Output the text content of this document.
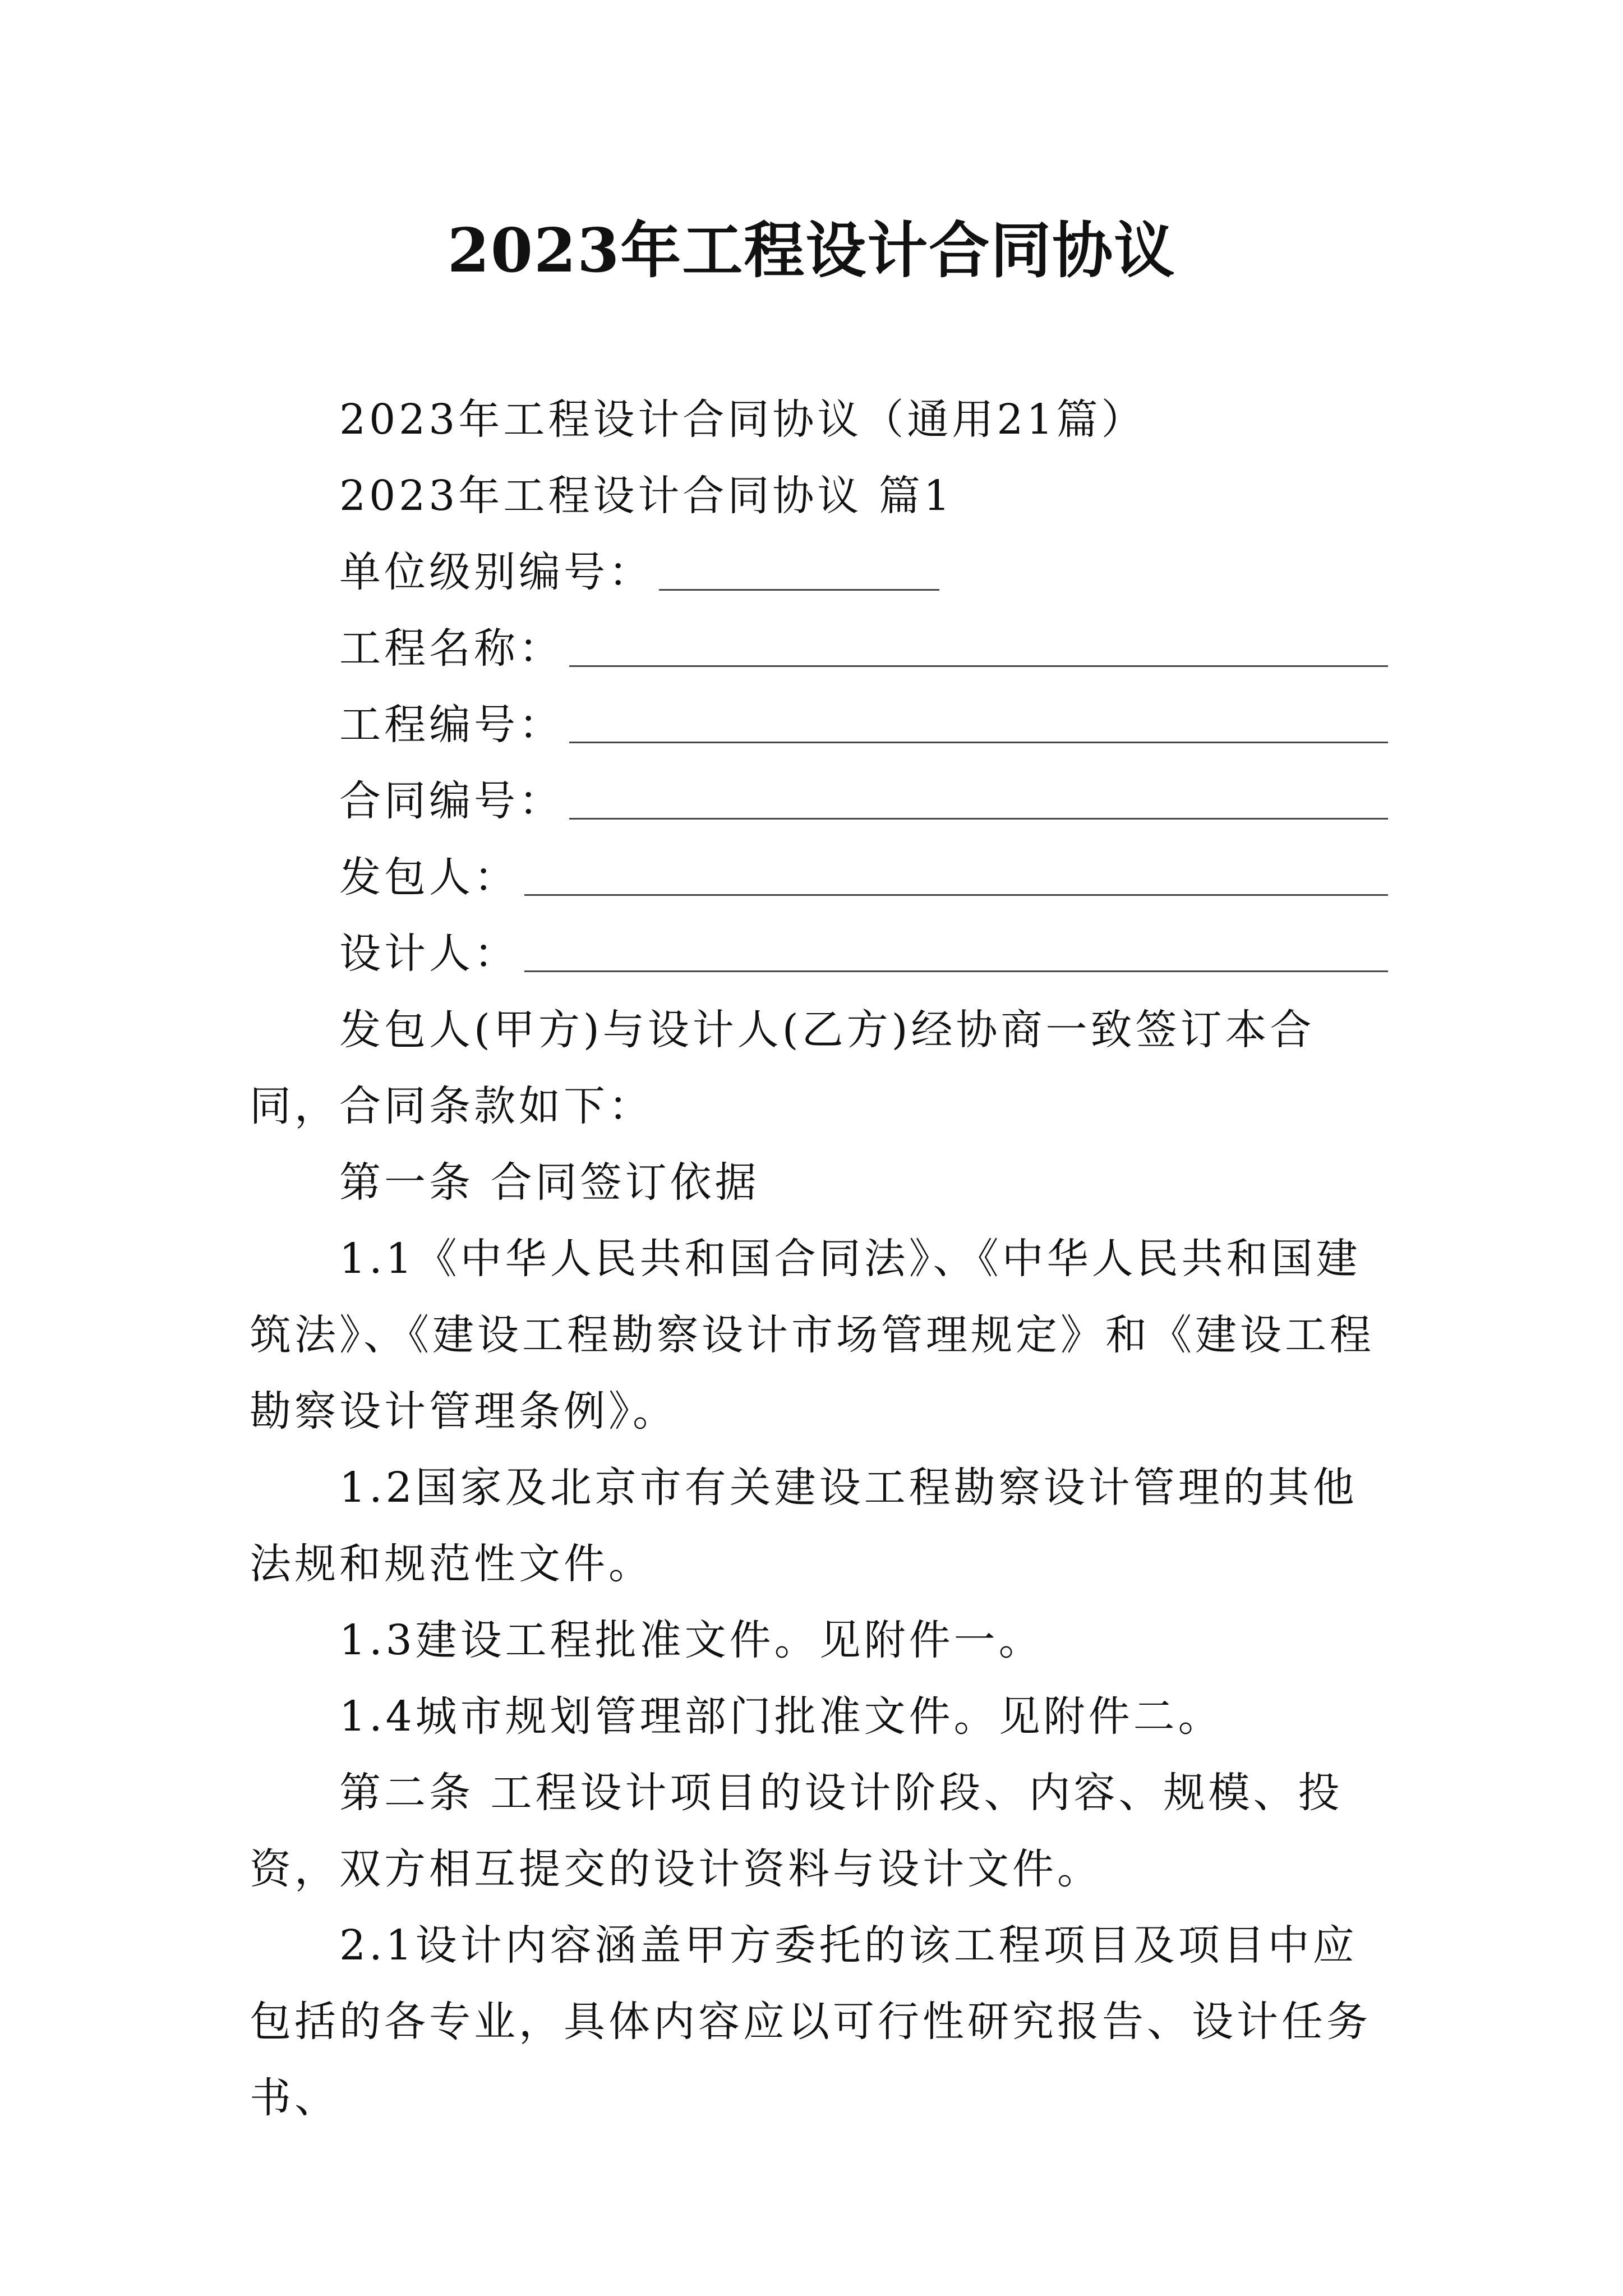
2023年工程设计合同协议
2023年工程设计合同协议（通用21篇）
2023年工程设计合同协议 篇1
单位级别编号：
工程名称：
工程编号：
合同编号：
发包人：
设计人：
发包人(甲方)与设计人(乙方)经协商一致签订本合同，合同条款如下：
第一条 合同签订依据
1.1《中华人民共和国合同法》、《中华人民共和国建筑法》、《建设工程勘察设计市场管理规定》和《建设工程勘察设计管理条例》。
1.2国家及北京市有关建设工程勘察设计管理的其他法规和规范性文件。
1.3建设工程批准文件。见附件一。
1.4城市规划管理部门批准文件。见附件二。
第二条 工程设计项目的设计阶段、内容、规模、投资，双方相互提交的设计资料与设计文件。
2.1设计内容涵盖甲方委托的该工程项目及项目中应包括的各专业，具体内容应以可行性研究报告、设计任务书、
